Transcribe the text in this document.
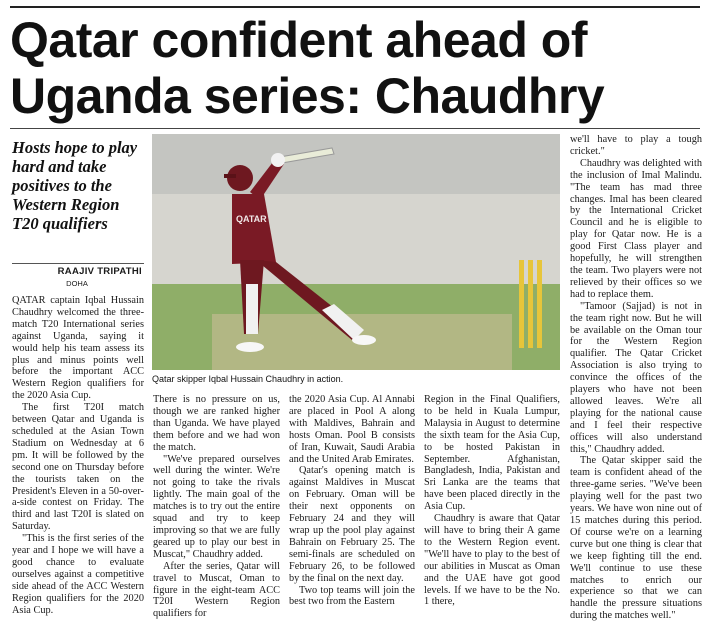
Qatar confident ahead of
Uganda series: Chaudhry
Hosts hope to play hard and take positives to the Western Region T20 qualifiers
RAAJIV TRIPATHI
DOHA

QATAR captain Iqbal Hussain Chaudhry welcomed the three-match T20 International series against Uganda, saying it would help his team assess its plus and minus points well before the important ACC Western Region qualifiers for the 2020 Asia Cup.

The first T20I match between Qatar and Uganda is scheduled at the Asian Town Stadium on Wednesday at 6 pm. It will be followed by the second one on Thursday before the tourists taken on the President's Eleven in a 50-over-a-side contest on Friday. The third and last T20I is slated on Saturday.

"This is the first series of the year and I hope we will have a good chance to evaluate ourselves against a competitive side ahead of the ACC Western Region qualifiers for the 2020 Asia Cup.

QATAR
Qatar skipper Iqbal Hussain Chaudhry in action.

There is no pressure on us, though we are ranked higher than Uganda. We have played them before and we had won the match.

"We've prepared ourselves well during the winter. We're not going to take the rivals lightly. The main goal of the matches is to try out the entire squad and try to keep improving so that we are fully geared up to play our best in Muscat," Chaudhry added.

After the series, Qatar will travel to Muscat, Oman to figure in the eight-team ACC T20I Western Region qualifiers for

the 2020 Asia Cup. Al Annabi are placed in Pool A along with Maldives, Bahrain and hosts Oman. Pool B consists of Iran, Kuwait, Saudi Arabia and the United Arab Emirates.

Qatar's opening match is against Maldives in Muscat on February. Oman will be their next opponents on February 24 and they will wrap up the pool play against Bahrain on February 25. The semi-finals are scheduled on February 26, to be followed by the final on the next day.

Two top teams will join the best two from the Eastern

Region in the Final Qualifiers, to be held in Kuala Lumpur, Malaysia in August to determine the sixth team for the Asia Cup, to be hosted Pakistan in September. Afghanistan, Bangladesh, India, Pakistan and Sri Lanka are the teams that have been placed directly in the Asia Cup.

Chaudhry is aware that Qatar will have to bring their A game to the Western Region event. "We'll have to play to the best of our abilities in Muscat as Oman and the UAE have got good levels. If we have to be the No. 1 there,

we'll have to play a tough cricket."

Chaudhry was delighted with the inclusion of Imal Malindu. "The team has mad three changes. Imal has been cleared by the International Cricket Council and he is eligible to play for Qatar now. He is a good First Class player and hopefully, he will strengthen the team. Two players were not relieved by their offices so we had to replace them.

"Tamoor (Sajjad) is not in the team right now. But he will be available on the Oman tour for the Western Region qualifier. The Qatar Cricket Association is also trying to convince the offices of the players who have not been allowed leaves. We're all playing for the national cause and I feel their respective offices will also understand this," Chaudhry added.

The Qatar skipper said the team is confident ahead of the three-game series. "We've been playing well for the past two years. We have won nine out of 15 matches during this period. Of course we're on a learning curve but one thing is clear that we keep fighting till the end. We'll continue to use these matches to enrich our experience so that we can handle the pressure situations during the matches well."
